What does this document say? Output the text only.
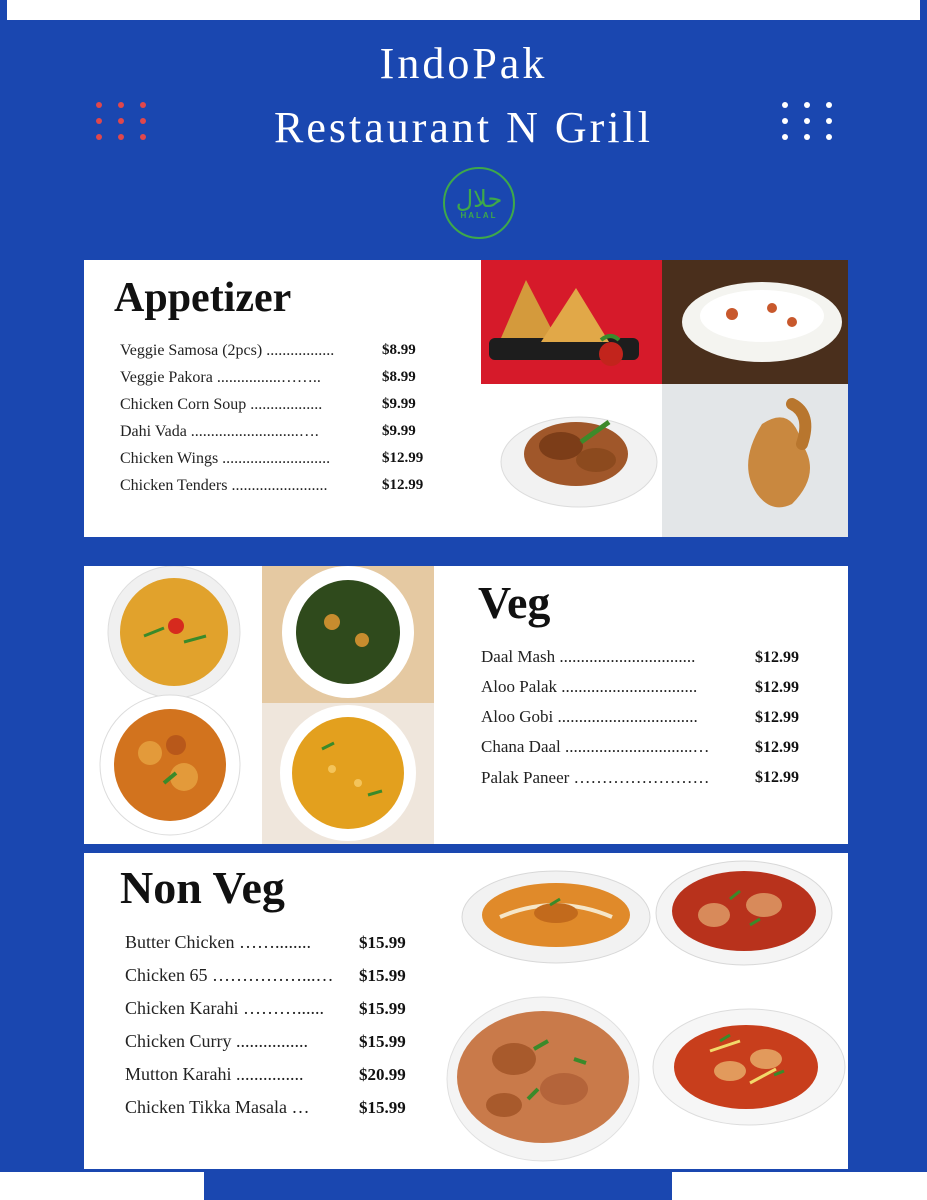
IndoPak
Restaurant N Grill
حلال
HALAL
Appetizer
Veggie Samosa (2pcs) .................	$8.99
Veggie Pakora ................……..	$8.99
Chicken Corn Soup ..................	$9.99
Dahi Vada ...........................….	$9.99
Chicken Wings ...........................	$12.99
Chicken Tenders ........................	$12.99
Veg
Daal Mash ................................	$12.99
Aloo Palak ................................	$12.99
Aloo Gobi .................................	$12.99
Chana Daal ..............................…	$12.99
Palak Paneer ……………………	$12.99
Non Veg
Butter Chicken ……........	$15.99
Chicken 65 ……………...… $15.99
Chicken Karahi ………...... $15.99
Chicken Curry ................	$15.99
Mutton Karahi ...............	$20.99
Chicken Tikka Masala …	$15.99
